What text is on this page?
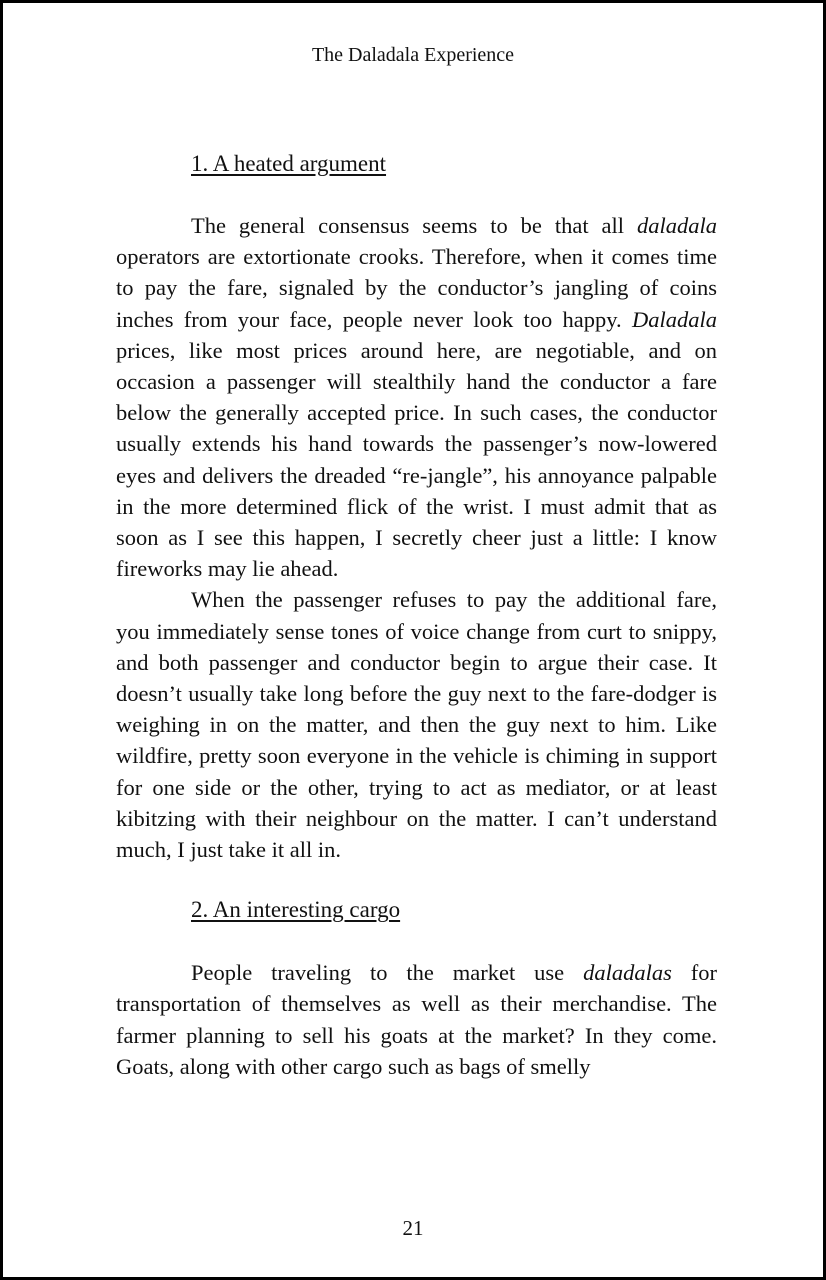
The Daladala Experience
1. A heated argument

The general consensus seems to be that all daladala operators are extortionate crooks. Therefore, when it comes time to pay the fare, signaled by the conductor’s jangling of coins inches from your face, people never look too happy. Daladala prices, like most prices around here, are negotiable, and on occasion a passenger will stealthily hand the conductor a fare below the generally accepted price. In such cases, the conductor usually extends his hand towards the passenger’s now-lowered eyes and delivers the dreaded “re-jangle”, his annoyance palpable in the more determined flick of the wrist. I must admit that as soon as I see this happen, I secretly cheer just a little: I know fireworks may lie ahead.

When the passenger refuses to pay the additional fare, you immediately sense tones of voice change from curt to snippy, and both passenger and conductor begin to argue their case. It doesn’t usually take long before the guy next to the fare-dodger is weighing in on the matter, and then the guy next to him. Like wildfire, pretty soon everyone in the vehicle is chiming in support for one side or the other, trying to act as mediator, or at least kibitzing with their neighbour on the matter. I can’t understand much, I just take it all in.

2. An interesting cargo

People traveling to the market use daladalas for transportation of themselves as well as their merchandise. The farmer planning to sell his goats at the market? In they come. Goats, along with other cargo such as bags of smelly

21
